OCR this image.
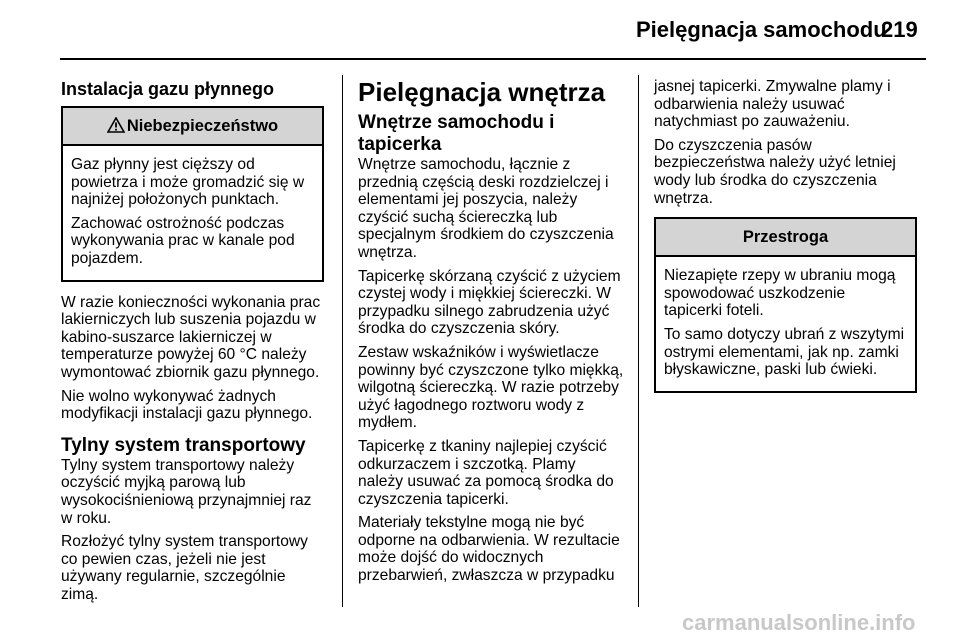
Pielęgnacja samochodu
219
Instalacja gazu płynnego
Niebezpieczeństwo

Gaz płynny jest cięższy od powietrza i może gromadzić się w najniżej położonych punktach.

Zachować ostrożność podczas wykonywania prac w kanale pod pojazdem.

W razie konieczności wykonania prac lakierniczych lub suszenia pojazdu w kabino-suszarce lakierniczej w temperaturze powyżej 60 °C należy wymontować zbiornik gazu płynnego.

Nie wolno wykonywać żadnych modyfikacji instalacji gazu płynnego.

Tylny system transportowy

Tylny system transportowy należy oczyścić myjką parową lub wysokociśnieniową przynajmniej raz w roku.

Rozłożyć tylny system transportowy co pewien czas, jeżeli nie jest używany regularnie, szczególnie zimą.

Pielęgnacja wnętrza
Wnętrze samochodu i tapicerka

Wnętrze samochodu, łącznie z przednią częścią deski rozdzielczej i elementami jej poszycia, należy czyścić suchą ściereczką lub specjalnym środkiem do czyszczenia wnętrza.

Tapicerkę skórzaną czyścić z użyciem czystej wody i miękkiej ściereczki. W przypadku silnego zabrudzenia użyć środka do czyszczenia skóry.

Zestaw wskaźników i wyświetlacze powinny być czyszczone tylko miękką, wilgotną ściereczką. W razie potrzeby użyć łagodnego roztworu wody z mydłem.

Tapicerkę z tkaniny najlepiej czyścić odkurzaczem i szczotką. Plamy należy usuwać za pomocą środka do czyszczenia tapicerki.

Materiały tekstylne mogą nie być odporne na odbarwienia. W rezultacie może dojść do widocznych przebarwień, zwłaszcza w przypadku

jasnej tapicerki. Zmywalne plamy i odbarwienia należy usuwać natychmiast po zauważeniu.

Do czyszczenia pasów bezpieczeństwa należy użyć letniej wody lub środka do czyszczenia wnętrza.

Przestroga

Niezapięte rzepy w ubraniu mogą spowodować uszkodzenie tapicerki foteli.

To samo dotyczy ubrań z wszytymi ostrymi elementami, jak np. zamki błyskawiczne, paski lub ćwieki.

carmanualsonline.info
